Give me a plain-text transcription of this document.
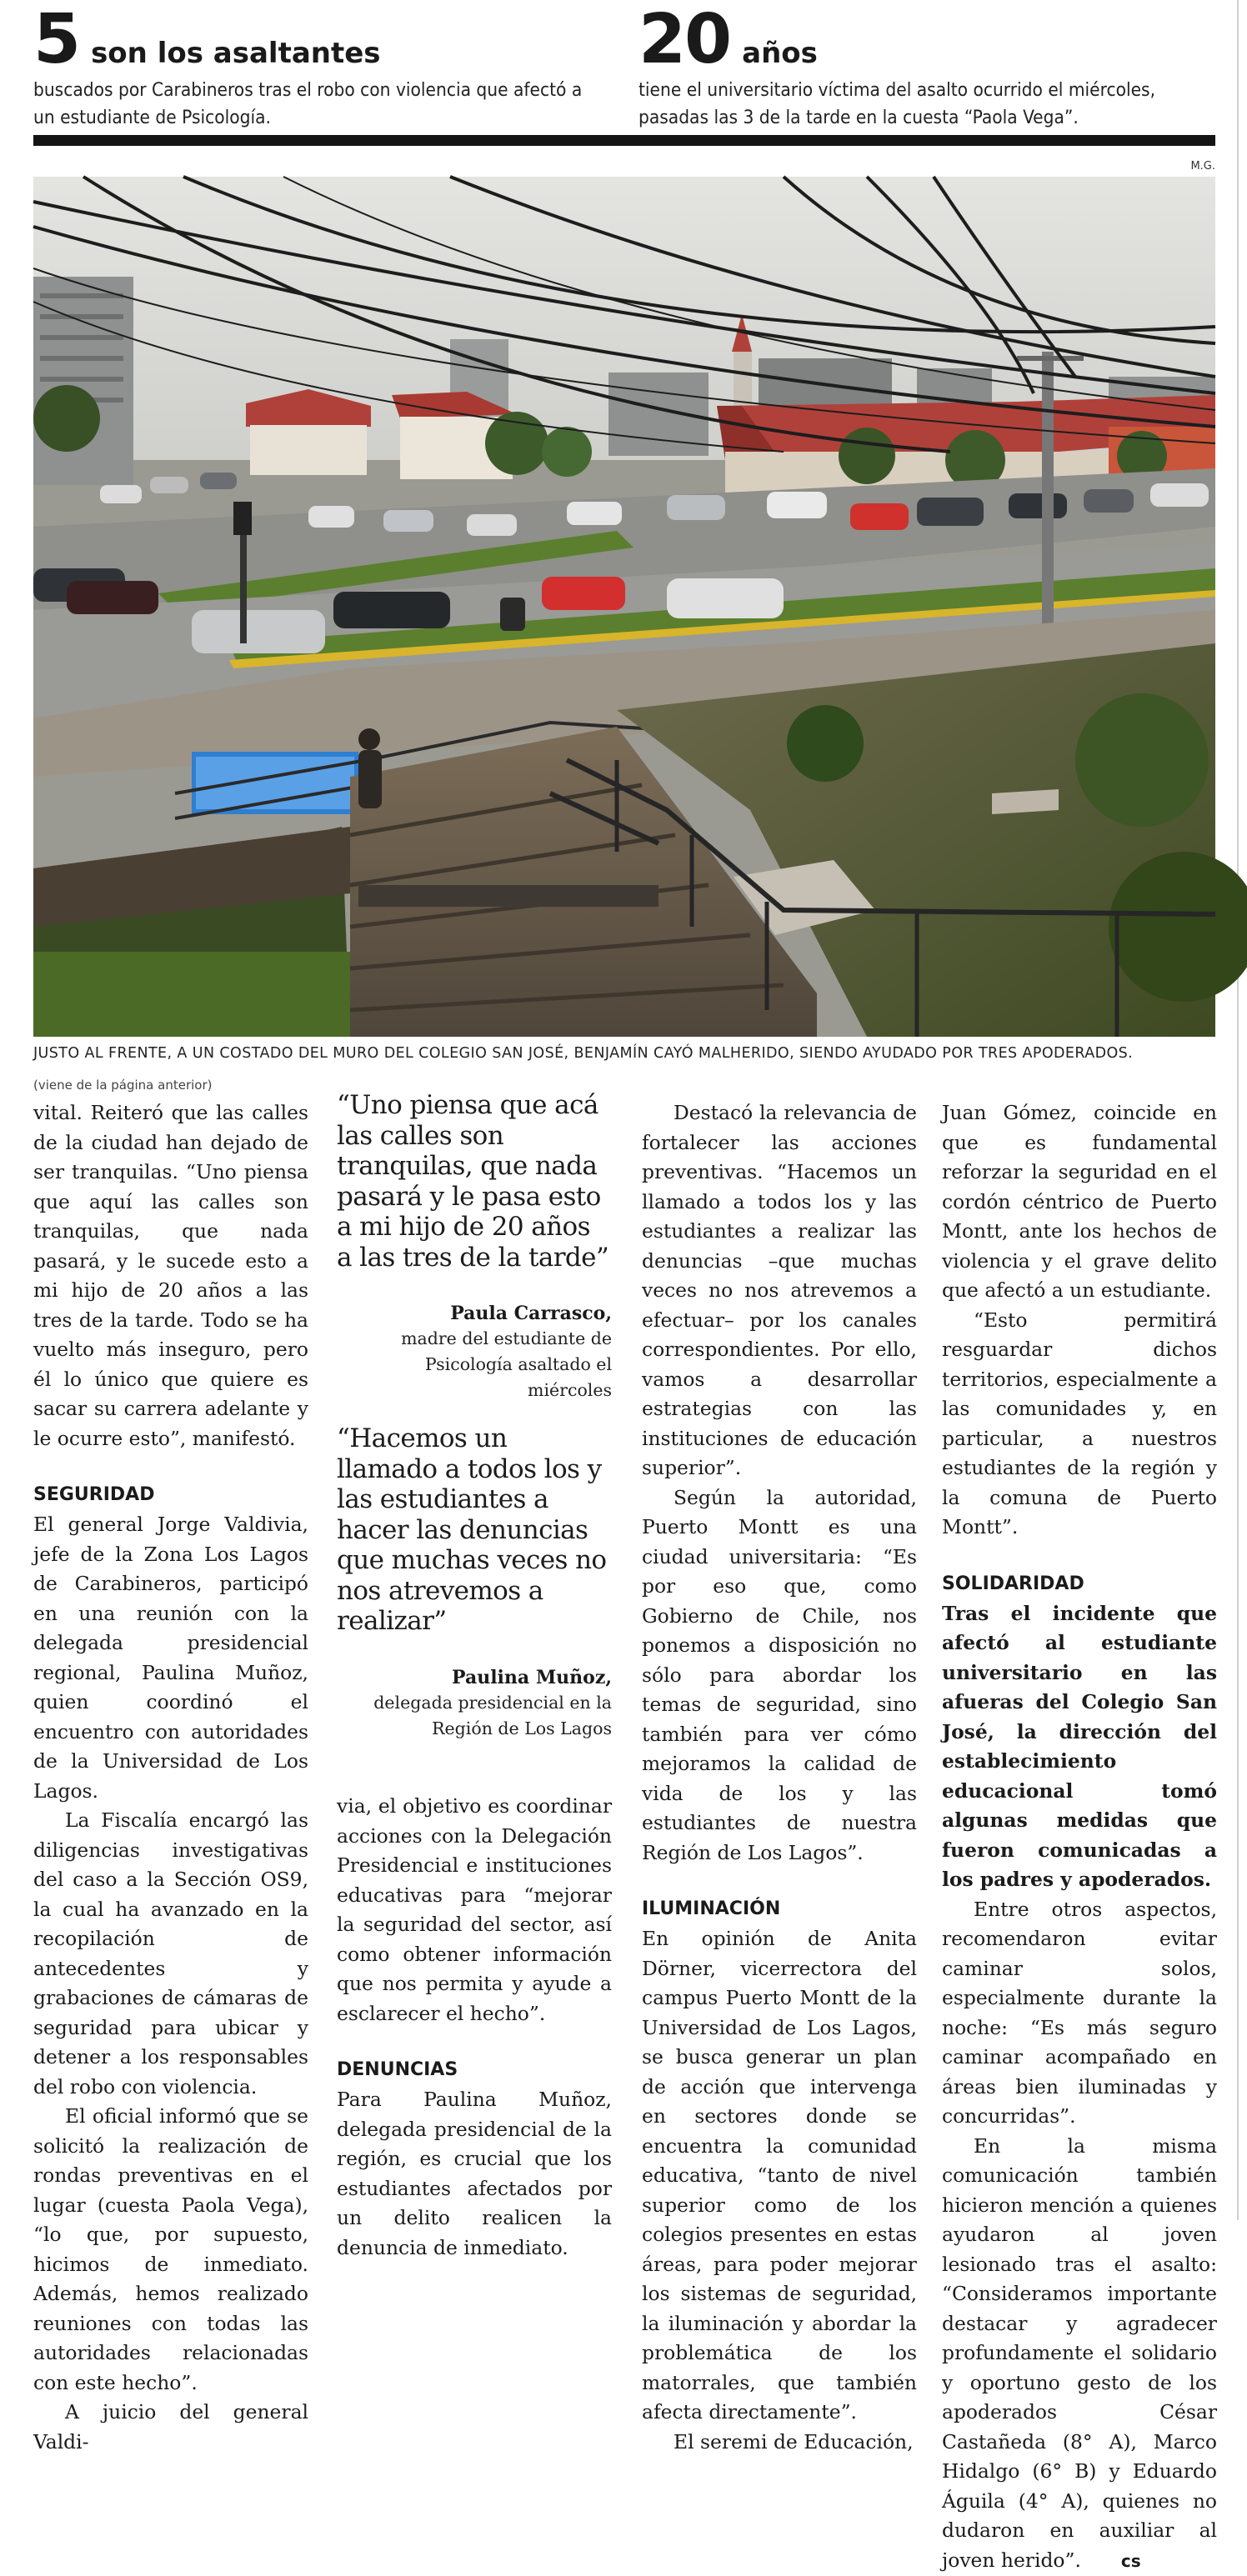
5 son los asaltantes
buscados por Carabineros tras el robo con violencia que afectó a un estudiante de Psicología.
20 años
tiene el universitario víctima del asalto ocurrido el miércoles, pasadas las 3 de la tarde en la cuesta “Paola Vega”.
M.G.
JUSTO AL FRENTE, A UN COSTADO DEL MURO DEL COLEGIO SAN JOSÉ, BENJAMÍN CAYÓ MALHERIDO, SIENDO AYUDADO POR TRES APODERADOS.
(viene de la página anterior)

vital. Reiteró que las calles de la ciudad han dejado de ser tranquilas. “Uno piensa que aquí las calles son tranquilas, que nada pasará, y le sucede esto a mi hijo de 20 años a las tres de la tarde. Todo se ha vuelto más inseguro, pero él lo único que quiere es sacar su carrera adelante y le ocurre esto”, manifestó.

SEGURIDAD

El general Jorge Valdivia, jefe de la Zona Los Lagos de Carabineros, participó en una reunión con la delegada presidencial regional, Paulina Muñoz, quien coordinó el encuentro con autoridades de la Universidad de Los Lagos.

La Fiscalía encargó las diligencias investigativas del caso a la Sección OS9, la cual ha avanzado en la recopilación de antecedentes y grabaciones de cámaras de seguridad para ubicar y detener a los responsables del robo con violencia.

El oficial informó que se solicitó la realización de rondas preventivas en el lugar (cuesta Paola Vega), “lo que, por supuesto, hicimos de inmediato. Además, hemos realizado reuniones con todas las autoridades relacionadas con este hecho”.

A juicio del general Valdi-

“Uno piensa que acá las calles son tranquilas, que nada pasará y le pasa esto a mi hijo de 20 años a las tres de la tarde”
Paula Carrasco,
madre del estudiante de Psicología asaltado el miércoles
“Hacemos un llamado a todos los y las estudiantes a hacer las denuncias que muchas veces no nos atrevemos a realizar”
Paulina Muñoz,
delegada presidencial en la Región de Los Lagos

via, el objetivo es coordinar acciones con la Delegación Presidencial e instituciones educativas para “mejorar la seguridad del sector, así como obtener información que nos permita y ayude a esclarecer el hecho”.

DENUNCIAS

Para Paulina Muñoz, delegada presidencial de la región, es crucial que los estudiantes afectados por un delito realicen la denuncia de inmediato.

Destacó la relevancia de fortalecer las acciones preventivas. “Hacemos un llamado a todos los y las estudiantes a realizar las denuncias –que muchas veces no nos atrevemos a efectuar– por los canales correspondientes. Por ello, vamos a desarrollar estrategias con las instituciones de educación superior”.

Según la autoridad, Puerto Montt es una ciudad universitaria: “Es por eso que, como Gobierno de Chile, nos ponemos a disposición no sólo para abordar los temas de seguridad, sino también para ver cómo mejoramos la calidad de vida de los y las estudiantes de nuestra Región de Los Lagos”.

ILUMINACIÓN

En opinión de Anita Dörner, vicerrectora del campus Puerto Montt de la Universidad de Los Lagos, se busca generar un plan de acción que intervenga en sectores donde se encuentra la comunidad educativa, “tanto de nivel superior como de los colegios presentes en estas áreas, para poder mejorar los sistemas de seguridad, la iluminación y abordar la problemática de los matorrales, que también afecta directamente”.

El seremi de Educación,

Juan Gómez, coincide en que es fundamental reforzar la seguridad en el cordón céntrico de Puerto Montt, ante los hechos de violencia y el grave delito que afectó a un estudiante.

“Esto permitirá resguardar dichos territorios, especialmente a las comunidades y, en particular, a nuestros estudiantes de la región y la comuna de Puerto Montt”.

SOLIDARIDAD

Tras el incidente que afectó al estudiante universitario en las afueras del Colegio San José, la dirección del establecimiento educacional tomó algunas medidas que fueron comunicadas a los padres y apoderados.

Entre otros aspectos, recomendaron evitar caminar solos, especialmente durante la noche: “Es más seguro caminar acompañado en áreas bien iluminadas y concurridas”.

En la misma comunicación también hicieron mención a quienes ayudaron al joven lesionado tras el asalto: “Consideramos importante destacar y agradecer profundamente el solidario y oportuno gesto de los apoderados César Castañeda (8° A), Marco Hidalgo (6° B) y Eduardo Águila (4° A), quienes no dudaron en auxiliar al joven herido”. cs
